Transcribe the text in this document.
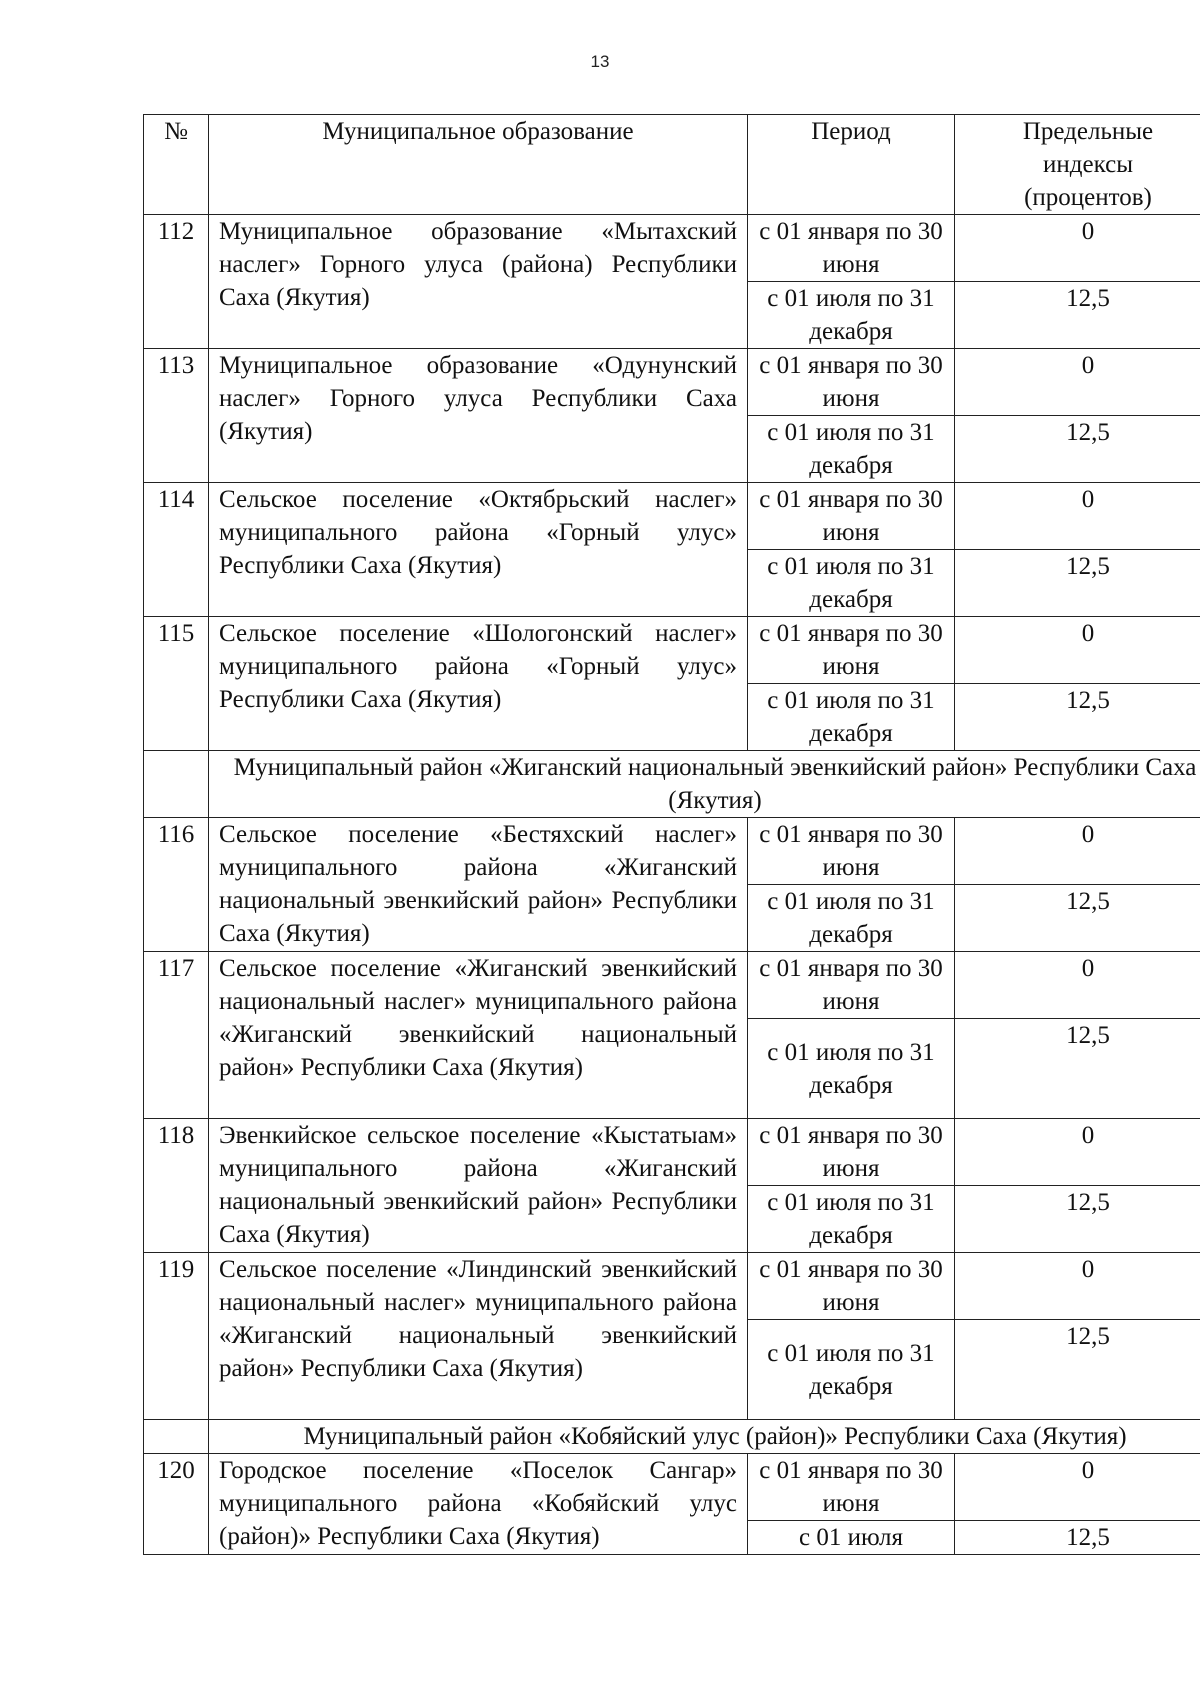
13
№	Муниципальное образование	Период	Предельные индексы (процентов)
112	Муниципальное образование «Мытахский наслег» Горного улуса (района) Республики Саха (Якутия)	с 01 января по 30 июня	0
		с 01 июля по 31 декабря	12,5
113	Муниципальное образование «Одунунский наслег» Горного улуса Республики Саха (Якутия)	с 01 января по 30 июня	0
		с 01 июля по 31 декабря	12,5
114	Сельское поселение «Октябрьский наслег» муниципального района «Горный улус» Республики Саха (Якутия)	с 01 января по 30 июня	0
		с 01 июля по 31 декабря	12,5
115	Сельское поселение «Шологонский наслег» муниципального района «Горный улус» Республики Саха (Якутия)	с 01 января по 30 июня	0
		с 01 июля по 31 декабря	12,5
	Муниципальный район «Жиганский национальный эвенкийский район» Республики Саха (Якутия)		
116	Сельское поселение «Бестяхский наслег» муниципального района «Жиганский национальный эвенкийский район» Республики Саха (Якутия)	с 01 января по 30 июня	0
		с 01 июля по 31 декабря	12,5
117	Сельское поселение «Жиганский эвенкийский национальный наслег» муниципального района «Жиганский эвенкийский национальный район» Республики Саха (Якутия)	с 01 января по 30 июня	0
		с 01 июля по 31 декабря	12,5
118	Эвенкийское сельское поселение «Кыстатыам» муниципального района «Жиганский национальный эвенкийский район» Республики Саха (Якутия)	с 01 января по 30 июня	0
		с 01 июля по 31 декабря	12,5
119	Сельское поселение «Линдинский эвенкийский национальный наслег» муниципального района «Жиганский национальный эвенкийский район» Республики Саха (Якутия)	с 01 января по 30 июня	0
		с 01 июля по 31 декабря	12,5
	Муниципальный район «Кобяйский улус (район)» Республики Саха (Якутия)		
120	Городское поселение «Поселок Сангар» муниципального района «Кобяйский улус (район)» Республики Саха (Якутия)	с 01 января по 30 июня	0
		с 01 июля	12,5
